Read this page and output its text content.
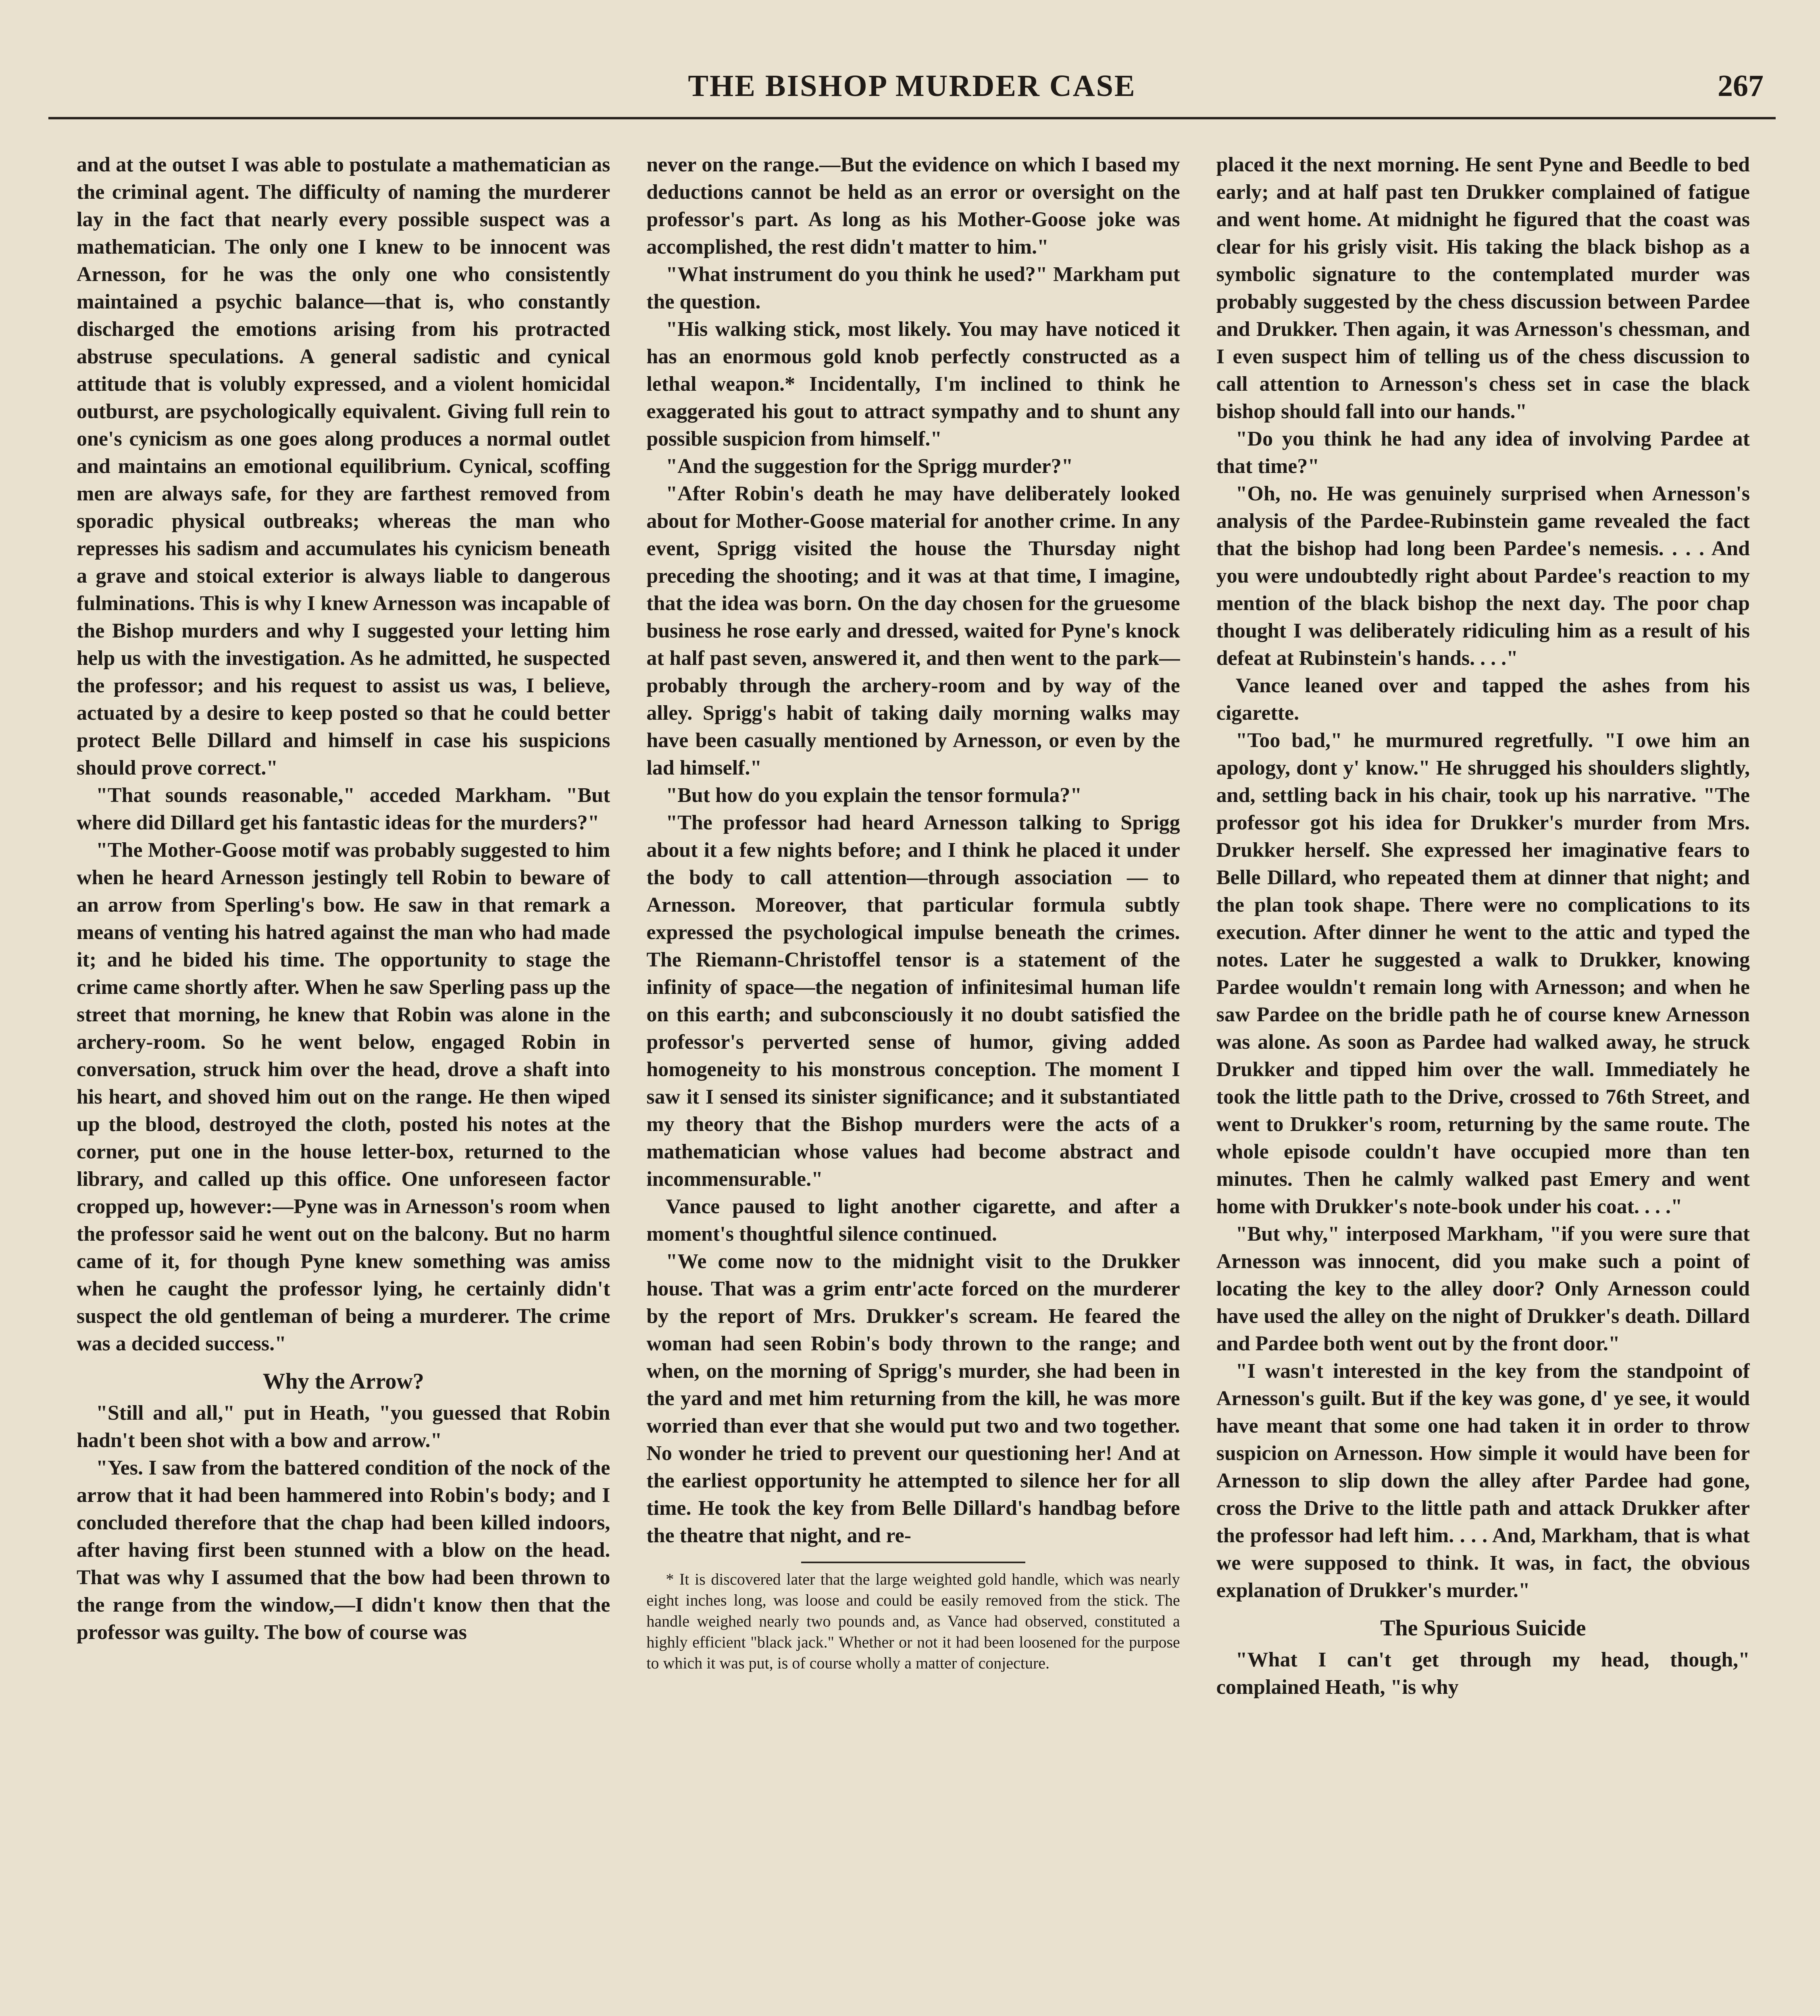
THE BISHOP MURDER CASE	267

and at the outset I was able to postulate a mathematician as the criminal agent. The difficulty of naming the murderer lay in the fact that nearly every possible suspect was a mathematician. The only one I knew to be innocent was Arnesson, for he was the only one who consistently maintained a psychic balance—that is, who constantly discharged the emotions arising from his protracted abstruse speculations. A general sadistic and cynical attitude that is volubly expressed, and a violent homicidal outburst, are psychologically equivalent. Giving full rein to one's cynicism as one goes along produces a normal outlet and maintains an emotional equilibrium. Cynical, scoffing men are always safe, for they are farthest removed from sporadic physical outbreaks; whereas the man who represses his sadism and accumulates his cynicism beneath a grave and stoical exterior is always liable to dangerous fulminations. This is why I knew Arnesson was incapable of the Bishop murders and why I suggested your letting him help us with the investigation. As he admitted, he suspected the professor; and his request to assist us was, I believe, actuated by a desire to keep posted so that he could better protect Belle Dillard and himself in case his suspicions should prove correct."

"That sounds reasonable," acceded Markham. "But where did Dillard get his fantastic ideas for the murders?"

"The Mother-Goose motif was probably suggested to him when he heard Arnesson jestingly tell Robin to beware of an arrow from Sperling's bow. He saw in that remark a means of venting his hatred against the man who had made it; and he bided his time. The opportunity to stage the crime came shortly after. When he saw Sperling pass up the street that morning, he knew that Robin was alone in the archery-room. So he went below, engaged Robin in conversation, struck him over the head, drove a shaft into his heart, and shoved him out on the range. He then wiped up the blood, destroyed the cloth, posted his notes at the corner, put one in the house letter-box, returned to the library, and called up this office. One unforeseen factor cropped up, however:—Pyne was in Arnesson's room when the professor said he went out on the balcony. But no harm came of it, for though Pyne knew something was amiss when he caught the professor lying, he certainly didn't suspect the old gentleman of being a murderer. The crime was a decided success."

Why the Arrow?

"Still and all," put in Heath, "you guessed that Robin hadn't been shot with a bow and arrow."

"Yes. I saw from the battered condition of the nock of the arrow that it had been hammered into Robin's body; and I concluded therefore that the chap had been killed indoors, after having first been stunned with a blow on the head. That was why I assumed that the bow had been thrown to the range from the window,—I didn't know then that the professor was guilty. The bow of course was

never on the range.—But the evidence on which I based my deductions cannot be held as an error or oversight on the professor's part. As long as his Mother-Goose joke was accomplished, the rest didn't matter to him."

"What instrument do you think he used?" Markham put the question.

"His walking stick, most likely. You may have noticed it has an enormous gold knob perfectly constructed as a lethal weapon.* Incidentally, I'm inclined to think he exaggerated his gout to attract sympathy and to shunt any possible suspicion from himself."

"And the suggestion for the Sprigg murder?"

"After Robin's death he may have deliberately looked about for Mother-Goose material for another crime. In any event, Sprigg visited the house the Thursday night preceding the shooting; and it was at that time, I imagine, that the idea was born. On the day chosen for the gruesome business he rose early and dressed, waited for Pyne's knock at half past seven, answered it, and then went to the park—probably through the archery-room and by way of the alley. Sprigg's habit of taking daily morning walks may have been casually mentioned by Arnesson, or even by the lad himself."

"But how do you explain the tensor formula?"

"The professor had heard Arnesson talking to Sprigg about it a few nights before; and I think he placed it under the body to call attention—through association — to Arnesson. Moreover, that particular formula subtly expressed the psychological impulse beneath the crimes. The Riemann-Christoffel tensor is a statement of the infinity of space—the negation of infinitesimal human life on this earth; and subconsciously it no doubt satisfied the professor's perverted sense of humor, giving added homogeneity to his monstrous conception. The moment I saw it I sensed its sinister significance; and it substantiated my theory that the Bishop murders were the acts of a mathematician whose values had become abstract and incommensurable."

Vance paused to light another cigarette, and after a moment's thoughtful silence continued.

"We come now to the midnight visit to the Drukker house. That was a grim entr'acte forced on the murderer by the report of Mrs. Drukker's scream. He feared the woman had seen Robin's body thrown to the range; and when, on the morning of Sprigg's murder, she had been in the yard and met him returning from the kill, he was more worried than ever that she would put two and two together. No wonder he tried to prevent our questioning her! And at the earliest opportunity he attempted to silence her for all time. He took the key from Belle Dillard's handbag before the theatre that night, and re-

* It is discovered later that the large weighted gold handle, which was nearly eight inches long, was loose and could be easily removed from the stick. The handle weighed nearly two pounds and, as Vance had observed, constituted a highly efficient "black jack." Whether or not it had been loosened for the purpose to which it was put, is of course wholly a matter of conjecture.

placed it the next morning. He sent Pyne and Beedle to bed early; and at half past ten Drukker complained of fatigue and went home. At midnight he figured that the coast was clear for his grisly visit. His taking the black bishop as a symbolic signature to the contemplated murder was probably suggested by the chess discussion between Pardee and Drukker. Then again, it was Arnesson's chessman, and I even suspect him of telling us of the chess discussion to call attention to Arnesson's chess set in case the black bishop should fall into our hands."

"Do you think he had any idea of involving Pardee at that time?"

"Oh, no. He was genuinely surprised when Arnesson's analysis of the Pardee-Rubinstein game revealed the fact that the bishop had long been Pardee's nemesis. . . . And you were undoubtedly right about Pardee's reaction to my mention of the black bishop the next day. The poor chap thought I was deliberately ridiculing him as a result of his defeat at Rubinstein's hands. . . ."

Vance leaned over and tapped the ashes from his cigarette.

"Too bad," he murmured regretfully. "I owe him an apology, dont y' know." He shrugged his shoulders slightly, and, settling back in his chair, took up his narrative. "The professor got his idea for Drukker's murder from Mrs. Drukker herself. She expressed her imaginative fears to Belle Dillard, who repeated them at dinner that night; and the plan took shape. There were no complications to its execution. After dinner he went to the attic and typed the notes. Later he suggested a walk to Drukker, knowing Pardee wouldn't remain long with Arnesson; and when he saw Pardee on the bridle path he of course knew Arnesson was alone. As soon as Pardee had walked away, he struck Drukker and tipped him over the wall. Immediately he took the little path to the Drive, crossed to 76th Street, and went to Drukker's room, returning by the same route. The whole episode couldn't have occupied more than ten minutes. Then he calmly walked past Emery and went home with Drukker's note-book under his coat. . . ."

"But why," interposed Markham, "if you were sure that Arnesson was innocent, did you make such a point of locating the key to the alley door? Only Arnesson could have used the alley on the night of Drukker's death. Dillard and Pardee both went out by the front door."

"I wasn't interested in the key from the standpoint of Arnesson's guilt. But if the key was gone, d' ye see, it would have meant that some one had taken it in order to throw suspicion on Arnesson. How simple it would have been for Arnesson to slip down the alley after Pardee had gone, cross the Drive to the little path and attack Drukker after the professor had left him. . . . And, Markham, that is what we were supposed to think. It was, in fact, the obvious explanation of Drukker's murder."

The Spurious Suicide

"What I can't get through my head, though," complained Heath, "is why
